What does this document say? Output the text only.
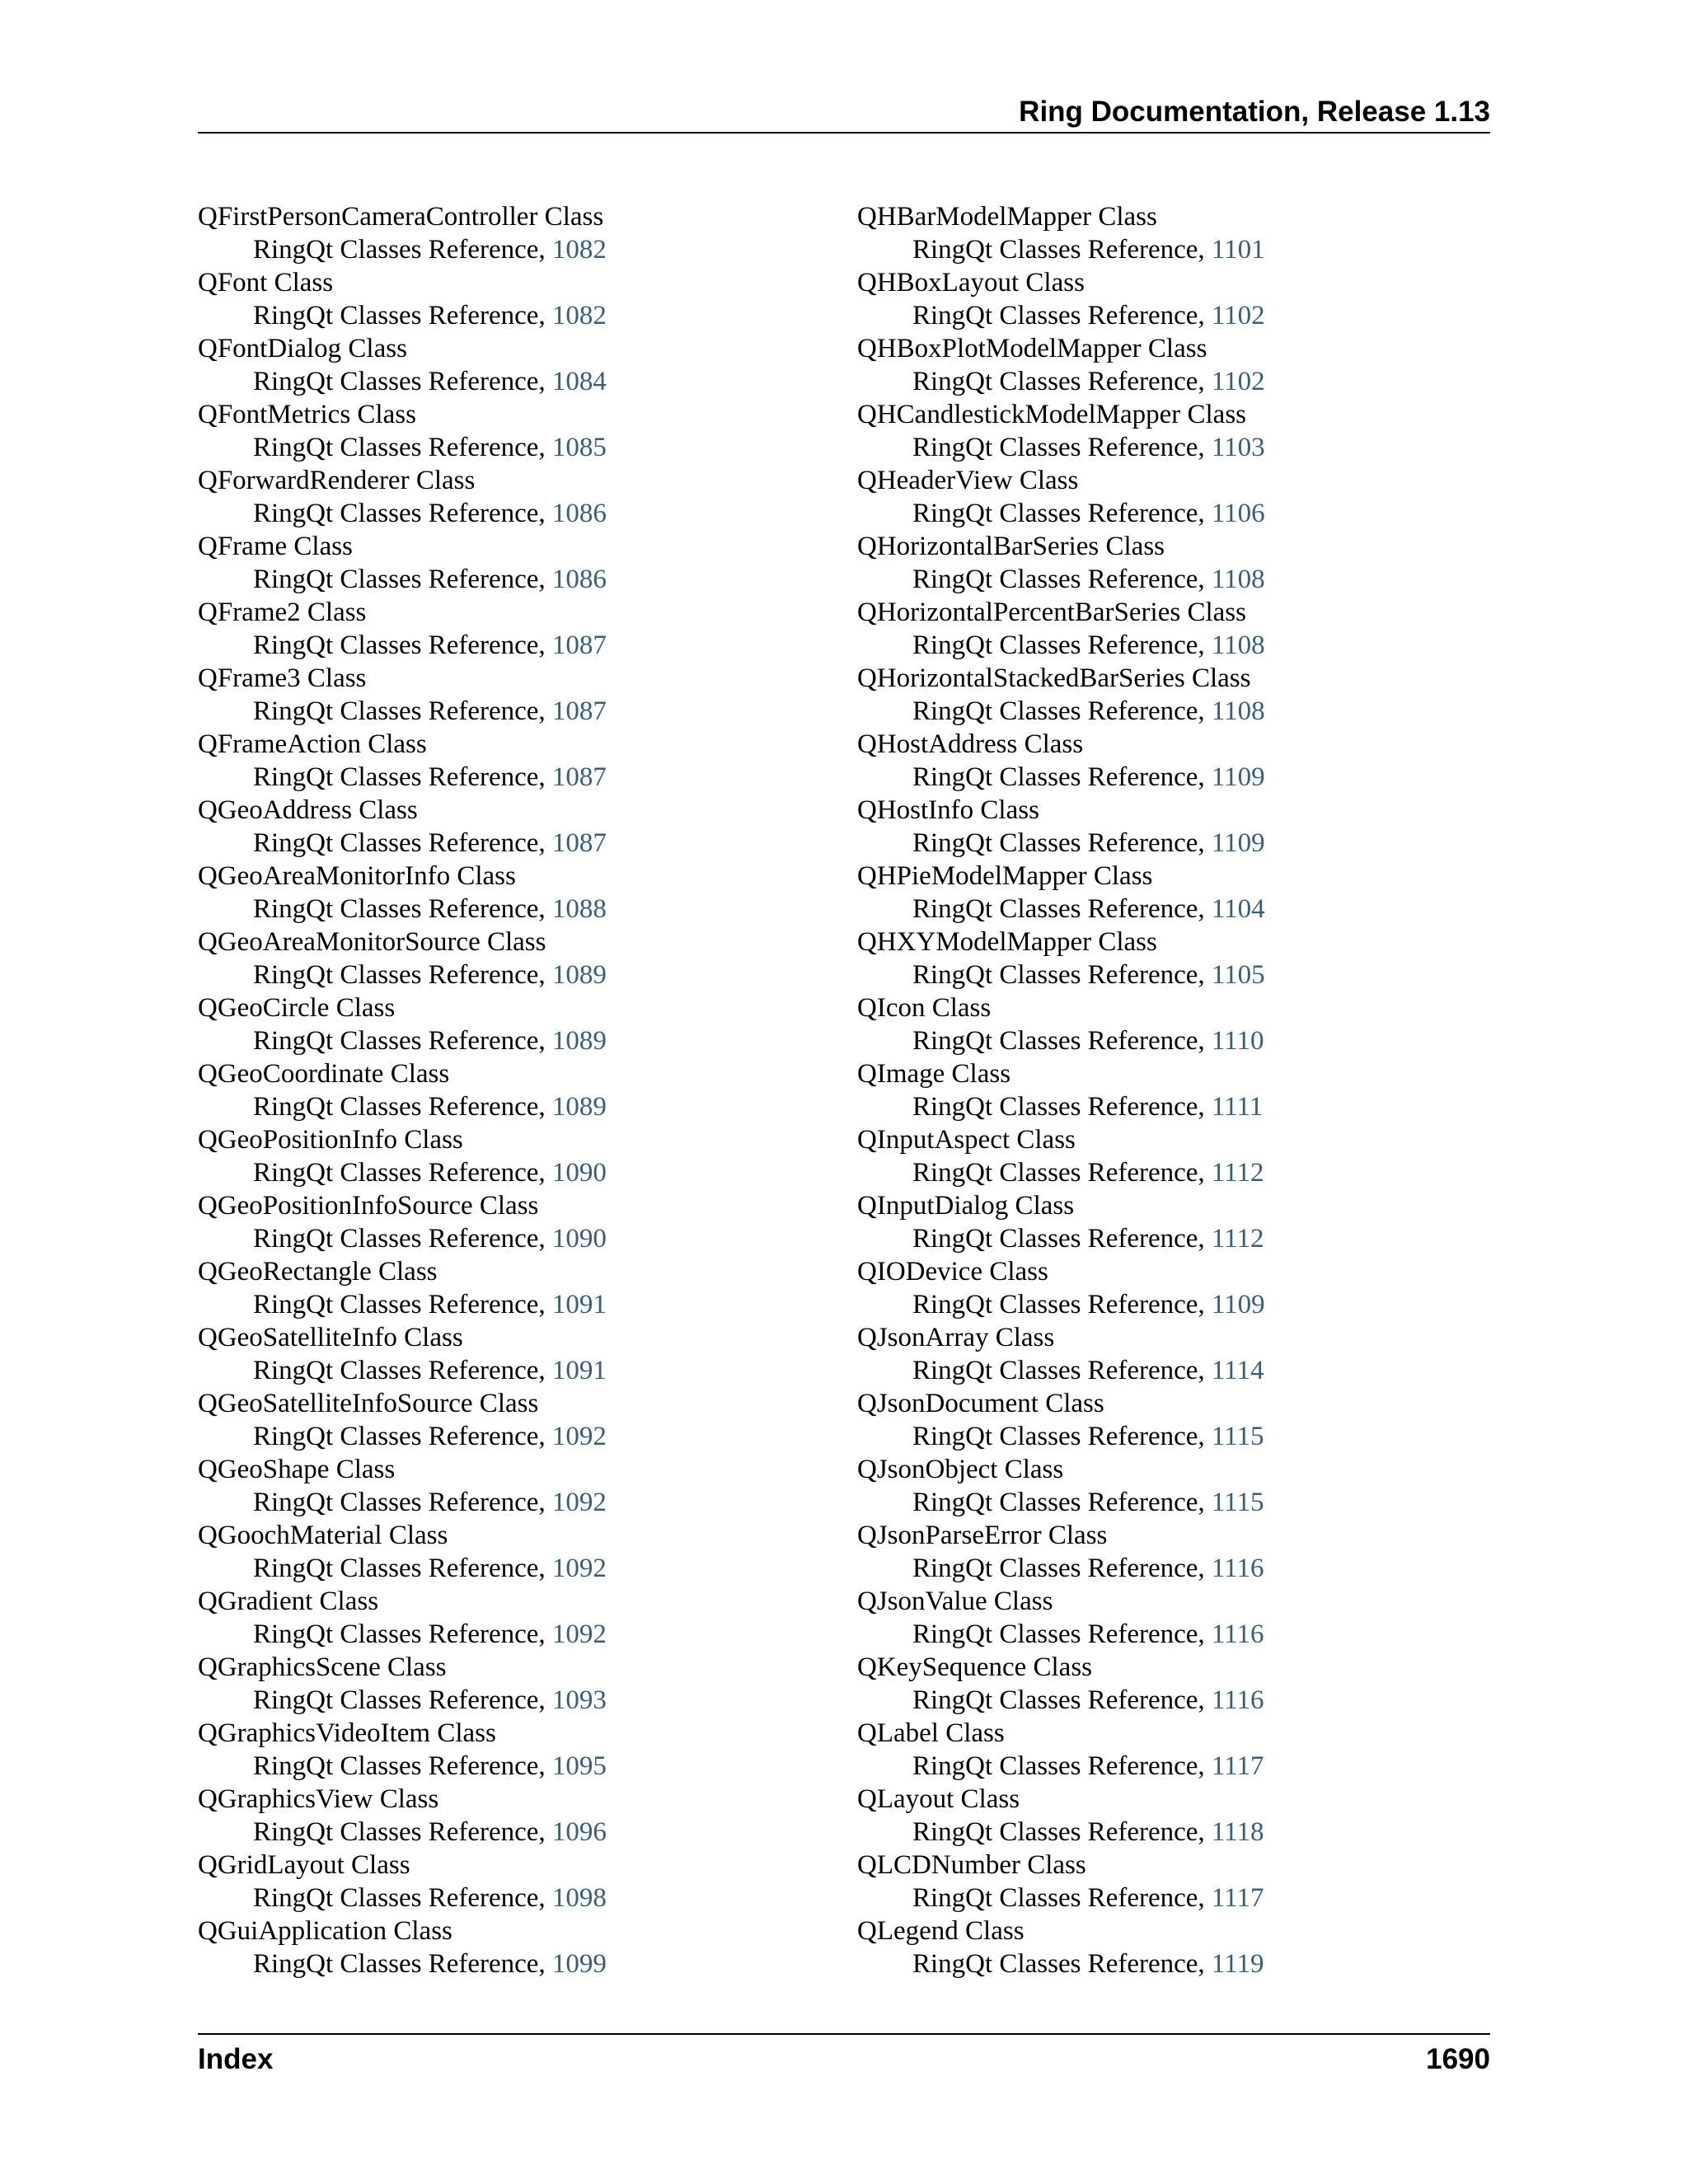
Ring Documentation, Release 1.13
QFirstPersonCameraController Class
RingQt Classes Reference, 1082
QFont Class
RingQt Classes Reference, 1082
QFontDialog Class
RingQt Classes Reference, 1084
QFontMetrics Class
RingQt Classes Reference, 1085
QForwardRenderer Class
RingQt Classes Reference, 1086
QFrame Class
RingQt Classes Reference, 1086
QFrame2 Class
RingQt Classes Reference, 1087
QFrame3 Class
RingQt Classes Reference, 1087
QFrameAction Class
RingQt Classes Reference, 1087
QGeoAddress Class
RingQt Classes Reference, 1087
QGeoAreaMonitorInfo Class
RingQt Classes Reference, 1088
QGeoAreaMonitorSource Class
RingQt Classes Reference, 1089
QGeoCircle Class
RingQt Classes Reference, 1089
QGeoCoordinate Class
RingQt Classes Reference, 1089
QGeoPositionInfo Class
RingQt Classes Reference, 1090
QGeoPositionInfoSource Class
RingQt Classes Reference, 1090
QGeoRectangle Class
RingQt Classes Reference, 1091
QGeoSatelliteInfo Class
RingQt Classes Reference, 1091
QGeoSatelliteInfoSource Class
RingQt Classes Reference, 1092
QGeoShape Class
RingQt Classes Reference, 1092
QGoochMaterial Class
RingQt Classes Reference, 1092
QGradient Class
RingQt Classes Reference, 1092
QGraphicsScene Class
RingQt Classes Reference, 1093
QGraphicsVideoItem Class
RingQt Classes Reference, 1095
QGraphicsView Class
RingQt Classes Reference, 1096
QGridLayout Class
RingQt Classes Reference, 1098
QGuiApplication Class
RingQt Classes Reference, 1099
QHBarModelMapper Class
RingQt Classes Reference, 1101
QHBoxLayout Class
RingQt Classes Reference, 1102
QHBoxPlotModelMapper Class
RingQt Classes Reference, 1102
QHCandlestickModelMapper Class
RingQt Classes Reference, 1103
QHeaderView Class
RingQt Classes Reference, 1106
QHorizontalBarSeries Class
RingQt Classes Reference, 1108
QHorizontalPercentBarSeries Class
RingQt Classes Reference, 1108
QHorizontalStackedBarSeries Class
RingQt Classes Reference, 1108
QHostAddress Class
RingQt Classes Reference, 1109
QHostInfo Class
RingQt Classes Reference, 1109
QHPieModelMapper Class
RingQt Classes Reference, 1104
QHXYModelMapper Class
RingQt Classes Reference, 1105
QIcon Class
RingQt Classes Reference, 1110
QImage Class
RingQt Classes Reference, 1111
QInputAspect Class
RingQt Classes Reference, 1112
QInputDialog Class
RingQt Classes Reference, 1112
QIODevice Class
RingQt Classes Reference, 1109
QJsonArray Class
RingQt Classes Reference, 1114
QJsonDocument Class
RingQt Classes Reference, 1115
QJsonObject Class
RingQt Classes Reference, 1115
QJsonParseError Class
RingQt Classes Reference, 1116
QJsonValue Class
RingQt Classes Reference, 1116
QKeySequence Class
RingQt Classes Reference, 1116
QLabel Class
RingQt Classes Reference, 1117
QLayout Class
RingQt Classes Reference, 1118
QLCDNumber Class
RingQt Classes Reference, 1117
QLegend Class
RingQt Classes Reference, 1119
Index	1690
